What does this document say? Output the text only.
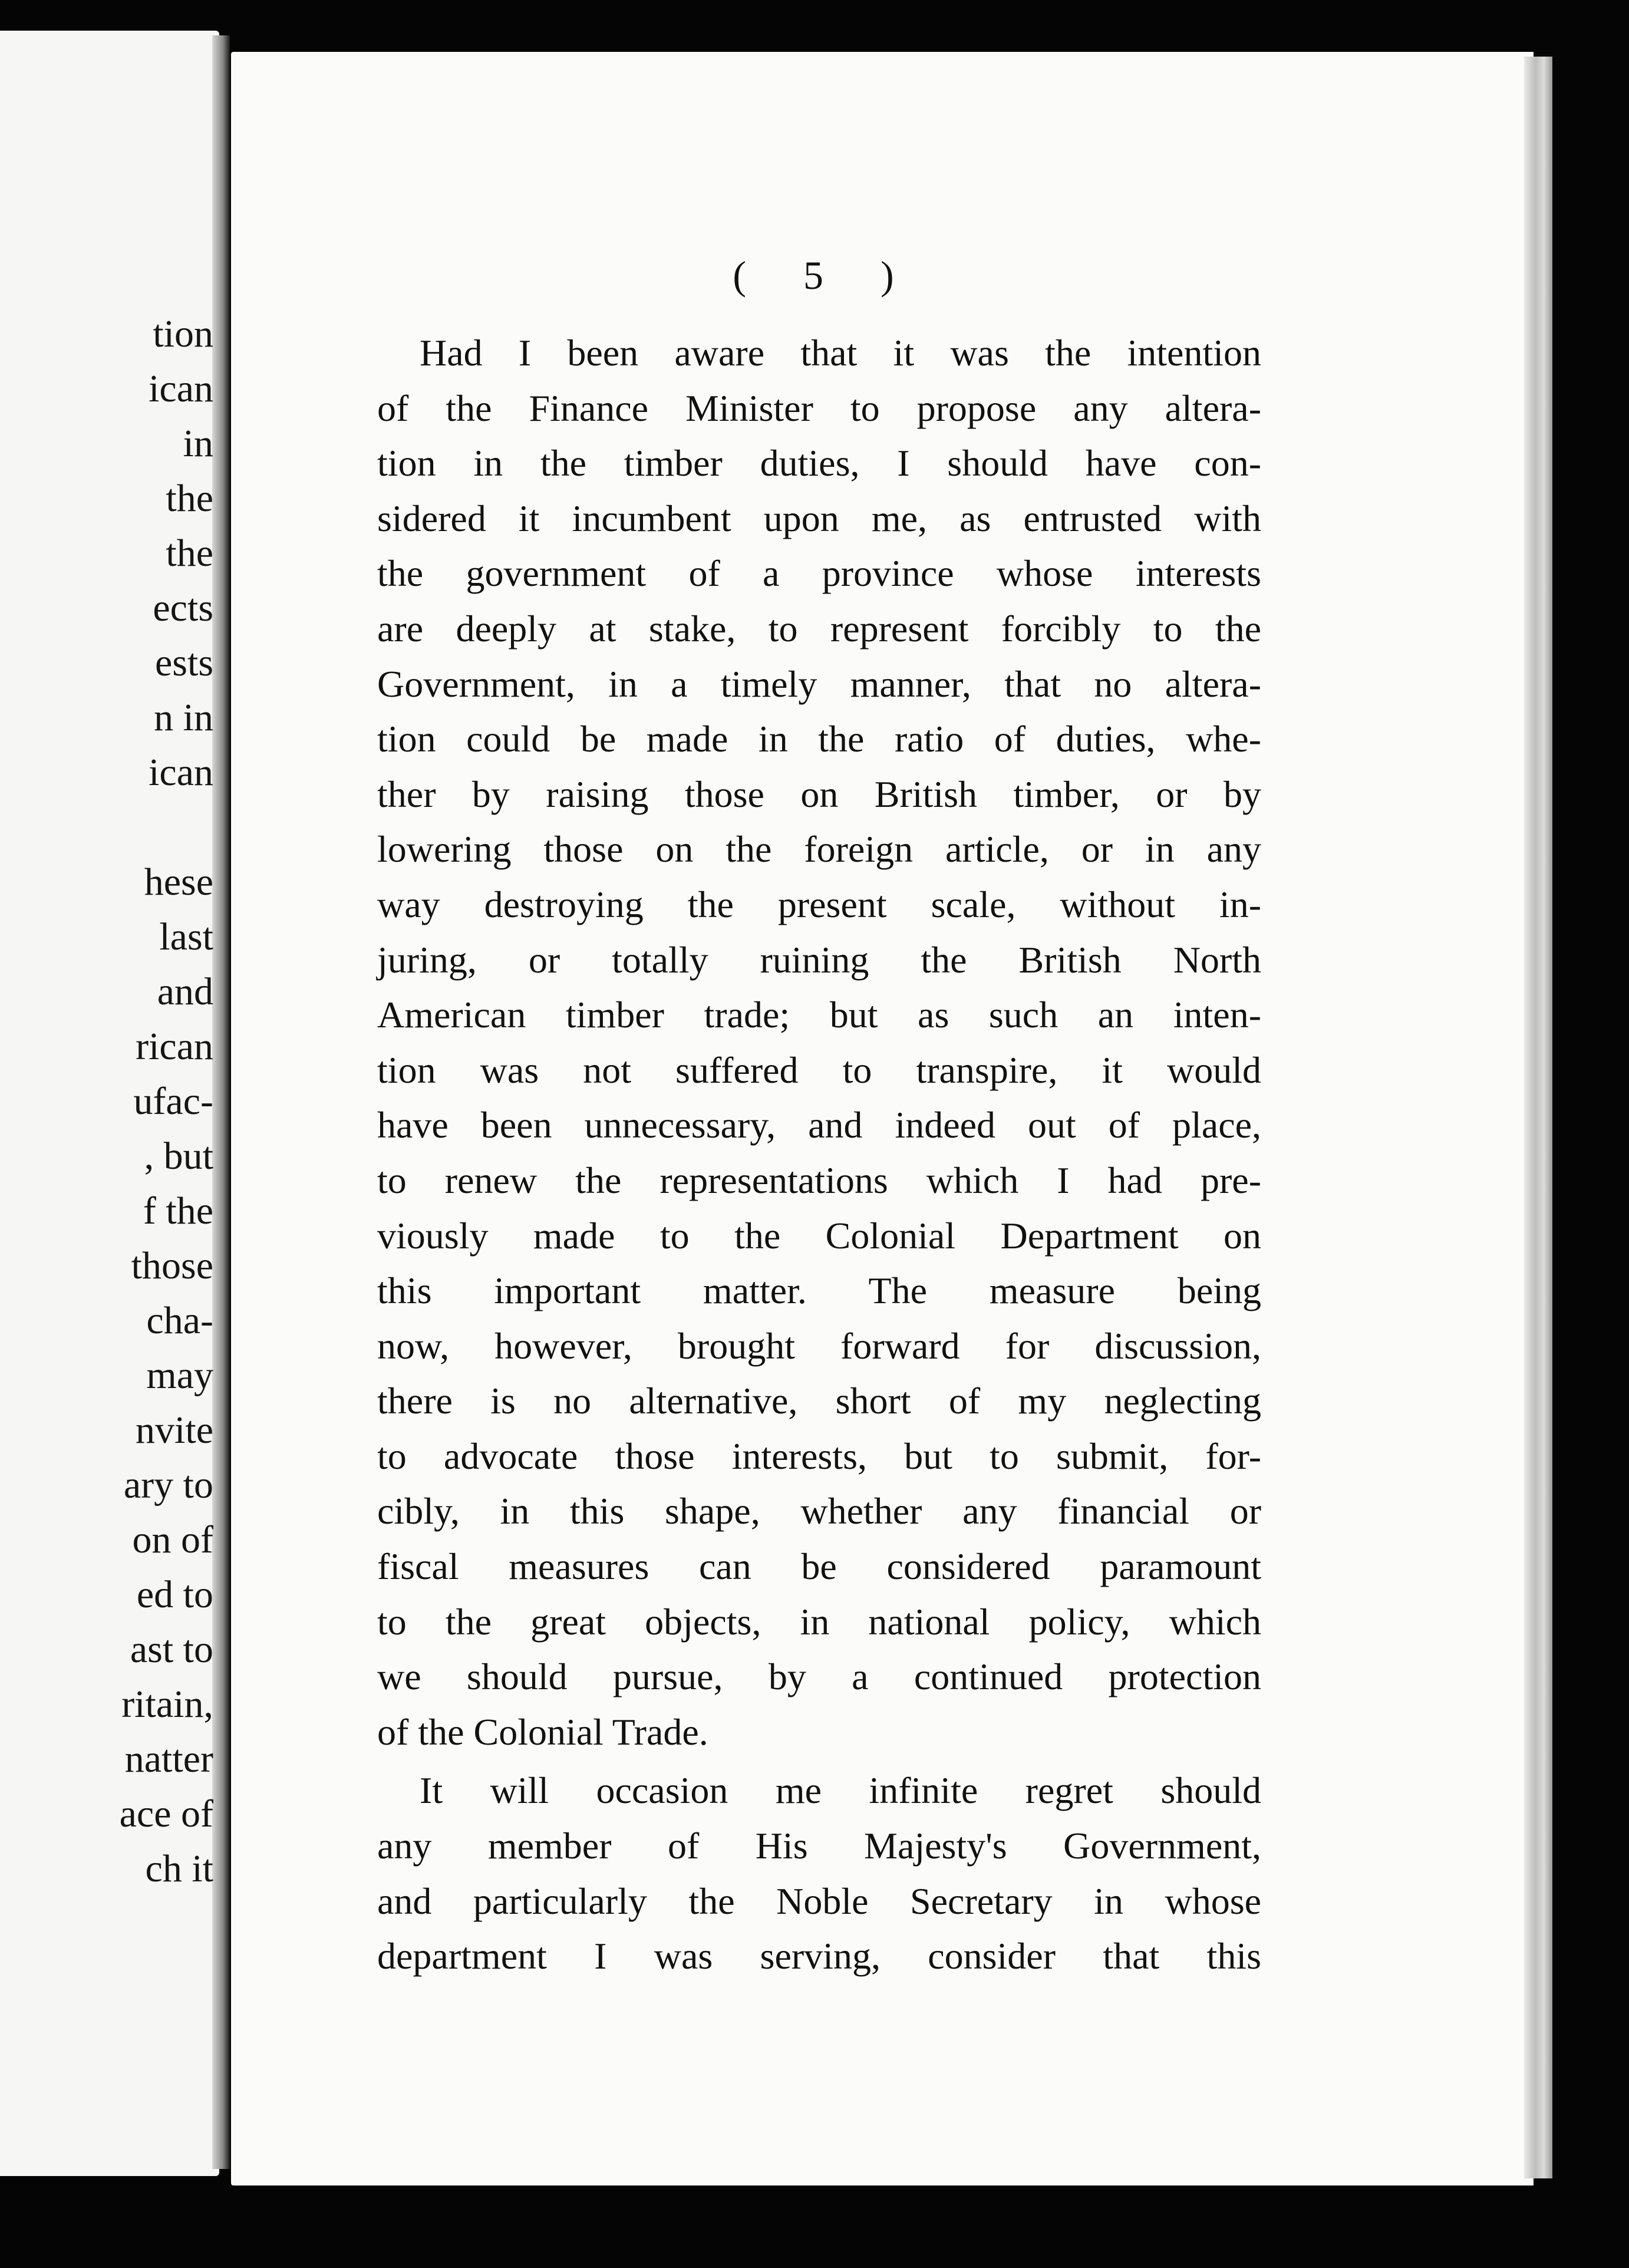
tion
ican
in
the
the
ects
ests
n in
ican
hese
last
and
rican
ufac-
, but
f the
those
cha-
may
nvite
ary to
on of
ed to
ast to
ritain,
natter
ace of
ch it
( 5 )
Had I been aware that it was the intention
of the Finance Minister to propose any altera-
tion in the timber duties, I should have con-
sidered it incumbent upon me, as entrusted with
the government of a province whose interests
are deeply at stake, to represent forcibly to the
Government, in a timely manner, that no altera-
tion could be made in the ratio of duties, whe-
ther by raising those on British timber, or by
lowering those on the foreign article, or in any
way destroying the present scale, without in-
juring, or totally ruining the British North
American timber trade; but as such an inten-
tion was not suffered to transpire, it would
have been unnecessary, and indeed out of place,
to renew the representations which I had pre-
viously made to the Colonial Department on
this important matter. The measure being
now, however, brought forward for discussion,
there is no alternative, short of my neglecting
to advocate those interests, but to submit, for-
cibly, in this shape, whether any financial or
fiscal measures can be considered paramount
to the great objects, in national policy, which
we should pursue, by a continued protection
of the Colonial Trade.
It will occasion me infinite regret should
any member of His Majesty's Government,
and particularly the Noble Secretary in whose
department I was serving, consider that this
